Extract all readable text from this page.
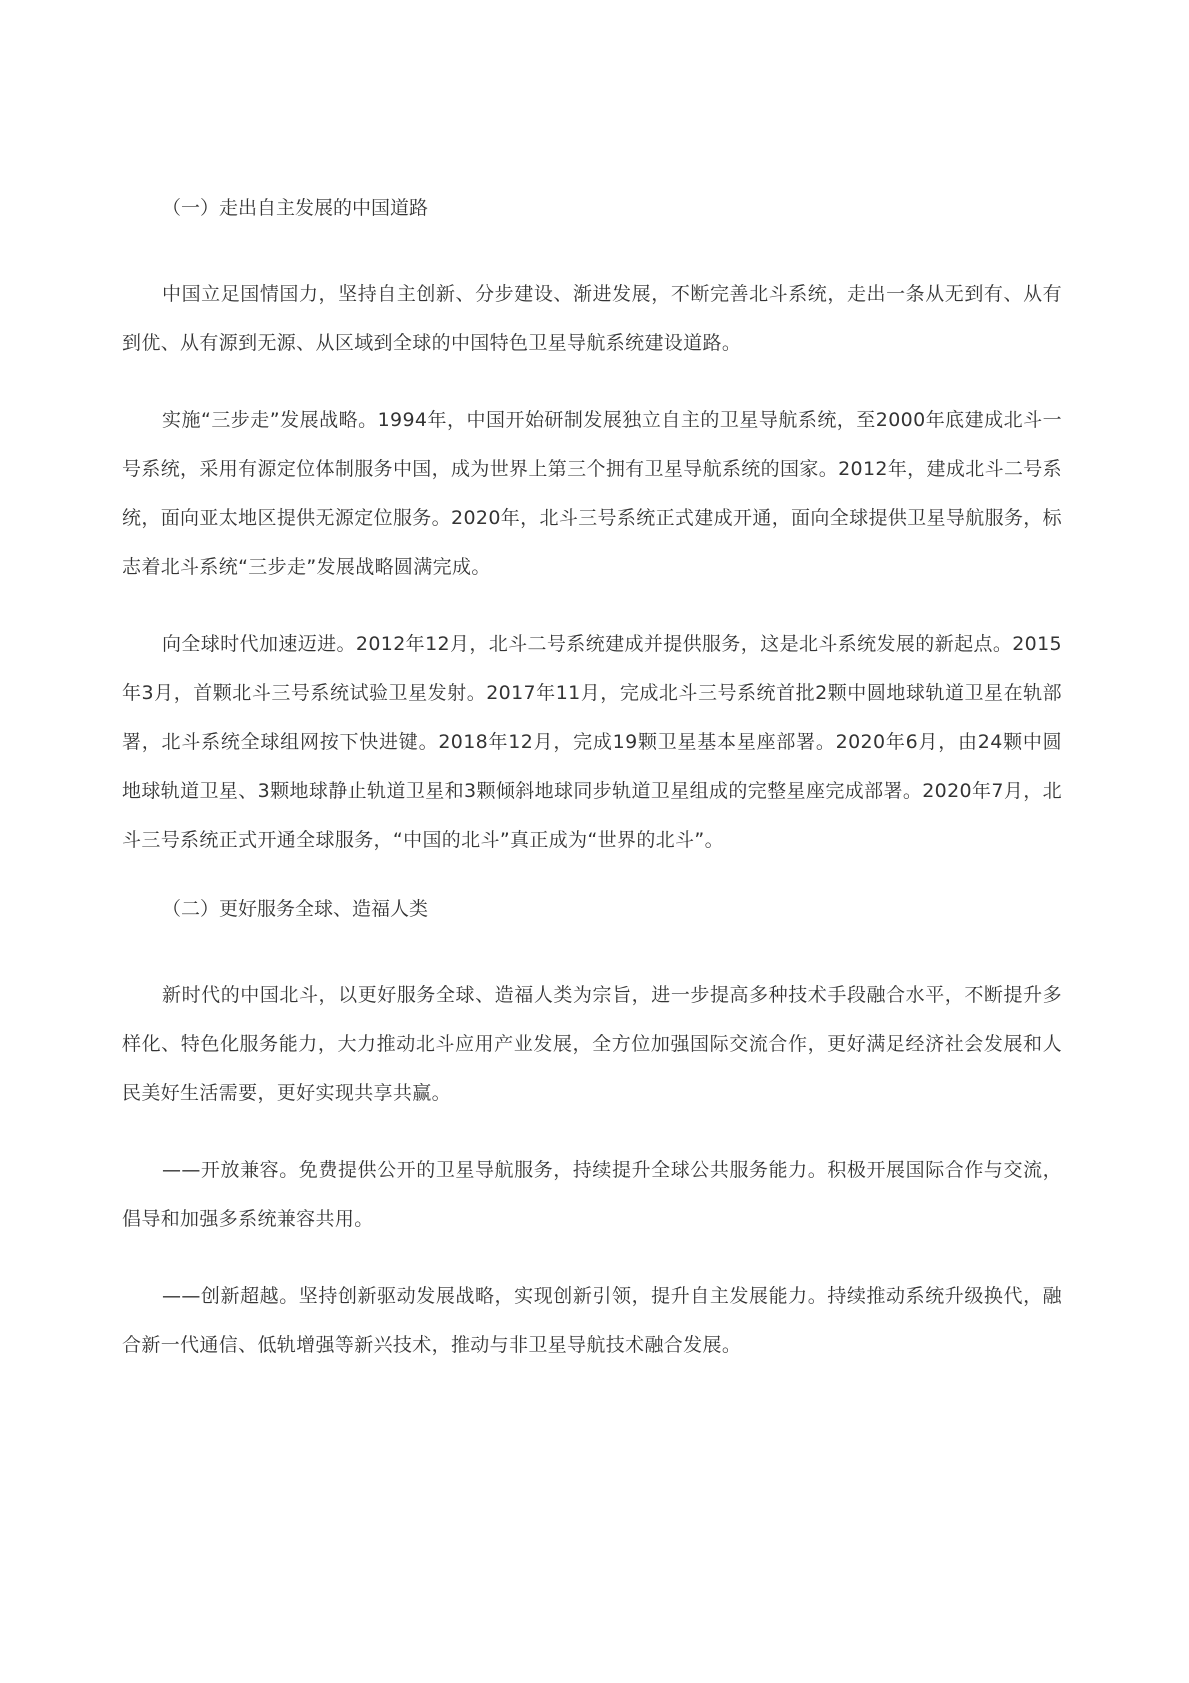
（一）走出自主发展的中国道路

中国立足国情国力，坚持自主创新、分步建设、渐进发展，不断完善北斗系统，走出一条从无到有、从有到优、从有源到无源、从区域到全球的中国特色卫星导航系统建设道路。

实施“三步走”发展战略。1994年，中国开始研制发展独立自主的卫星导航系统，至2000年底建成北斗一号系统，采用有源定位体制服务中国，成为世界上第三个拥有卫星导航系统的国家。2012年，建成北斗二号系统，面向亚太地区提供无源定位服务。2020年，北斗三号系统正式建成开通，面向全球提供卫星导航服务，标志着北斗系统“三步走”发展战略圆满完成。

向全球时代加速迈进。2012年12月，北斗二号系统建成并提供服务，这是北斗系统发展的新起点。2015年3月，首颗北斗三号系统试验卫星发射。2017年11月，完成北斗三号系统首批2颗中圆地球轨道卫星在轨部署，北斗系统全球组网按下快进键。2018年12月，完成19颗卫星基本星座部署。2020年6月，由24颗中圆地球轨道卫星、3颗地球静止轨道卫星和3颗倾斜地球同步轨道卫星组成的完整星座完成部署。2020年7月，北斗三号系统正式开通全球服务，“中国的北斗”真正成为“世界的北斗”。

（二）更好服务全球、造福人类

新时代的中国北斗，以更好服务全球、造福人类为宗旨，进一步提高多种技术手段融合水平，不断提升多样化、特色化服务能力，大力推动北斗应用产业发展，全方位加强国际交流合作，更好满足经济社会发展和人民美好生活需要，更好实现共享共赢。

——开放兼容。免费提供公开的卫星导航服务，持续提升全球公共服务能力。积极开展国际合作与交流，倡导和加强多系统兼容共用。

——创新超越。坚持创新驱动发展战略，实现创新引领，提升自主发展能力。持续推动系统升级换代，融合新一代通信、低轨增强等新兴技术，推动与非卫星导航技术融合发展。
